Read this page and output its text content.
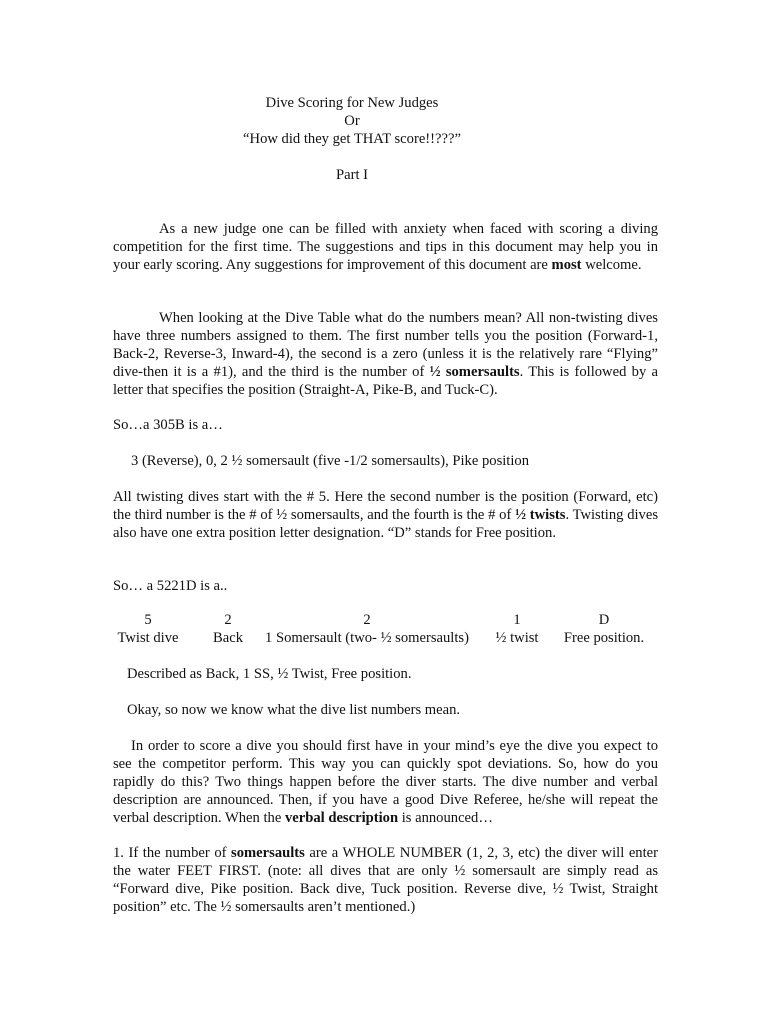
Dive Scoring for New Judges
Or
“How did they get THAT score!!???”
Part I
As a new judge one can be filled with anxiety when faced with scoring a diving competition for the first time. The suggestions and tips in this document may help you in your early scoring. Any suggestions for improvement of this document are most welcome.
When looking at the Dive Table what do the numbers mean? All non-twisting dives have three numbers assigned to them. The first number tells you the position (Forward-1, Back-2, Reverse-3, Inward-4), the second is a zero (unless it is the relatively rare “Flying” dive-then it is a #1), and the third is the number of ½ somersaults. This is followed by a letter that specifies the position (Straight-A, Pike-B, and Tuck-C).
So…a 305B is a…
3 (Reverse), 0, 2 ½ somersault (five -1/2 somersaults), Pike position
All twisting dives start with the # 5. Here the second number is the position (Forward, etc) the third number is the # of ½ somersaults, and the fourth is the # of ½ twists. Twisting dives also have one extra position letter designation. “D” stands for Free position.
So… a 5221D is a..
5
Twist dive
2
Back
2
1 Somersault (two- ½ somersaults)
1
½ twist
D
Free position.
Described as Back, 1 SS, ½ Twist, Free position.
Okay, so now we know what the dive list numbers mean.
In order to score a dive you should first have in your mind’s eye the dive you expect to see the competitor perform. This way you can quickly spot deviations. So, how do you rapidly do this? Two things happen before the diver starts. The dive number and verbal description are announced. Then, if you have a good Dive Referee, he/she will repeat the verbal description. When the verbal description is announced…
1. If the number of somersaults are a WHOLE NUMBER (1, 2, 3, etc) the diver will enter the water FEET FIRST. (note: all dives that are only ½ somersault are simply read as “Forward dive, Pike position. Back dive, Tuck position. Reverse dive, ½ Twist, Straight position” etc. The ½ somersaults aren’t mentioned.)
